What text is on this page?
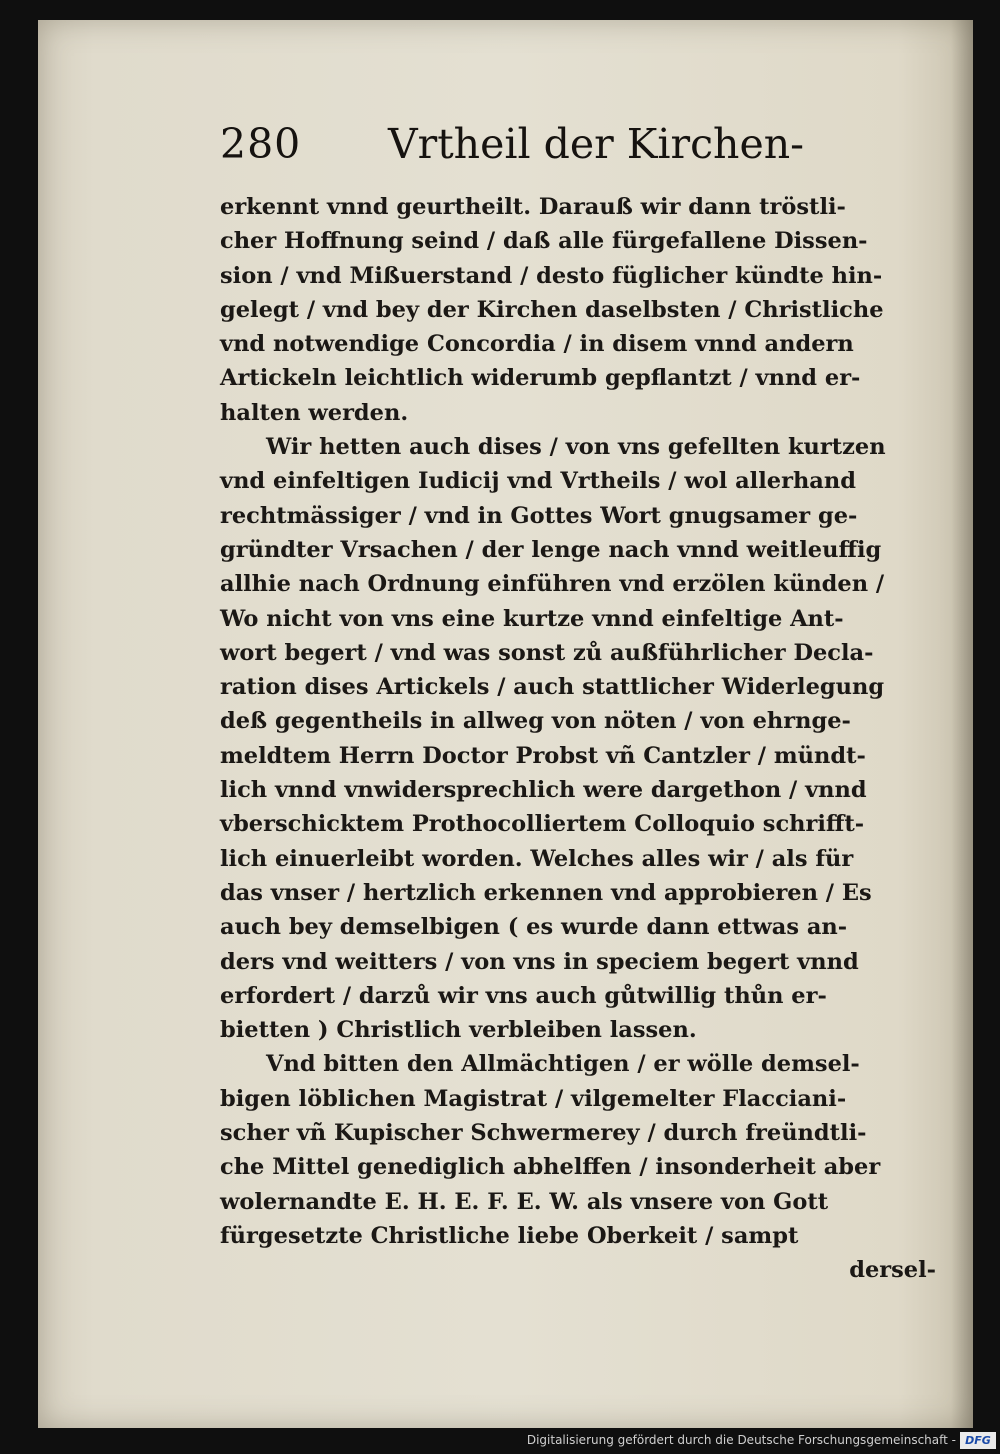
280 Vrtheil der Kirchen-
erkennt vnnd geurtheilt. Darauß wir dann tröstli-
cher Hoffnung seind / daß alle fürgefallene Dissen-
sion / vnd Mißuerstand / desto füglicher kündte hin-
gelegt / vnd bey der Kirchen daselbsten / Christliche
vnd notwendige Concordia / in disem vnnd andern
Artickeln leichtlich widerumb gepflantzt / vnnd er-
halten werden.
Wir hetten auch dises / von vns gefellten kurtzen
vnd einfeltigen Iudicij vnd Vrtheils / wol allerhand
rechtmässiger / vnd in Gottes Wort gnugsamer ge-
gründter Vrsachen / der lenge nach vnnd weitleuffig
allhie nach Ordnung einführen vnd erzölen künden /
Wo nicht von vns eine kurtze vnnd einfeltige Ant-
wort begert / vnd was sonst zů außführlicher Decla-
ration dises Artickels / auch stattlicher Widerlegung
deß gegentheils in allweg von nöten / von ehrnge-
meldtem Herrn Doctor Probst vñ Cantzler / mündt-
lich vnnd vnwidersprechlich were dargethon / vnnd
vberschicktem Prothocolliertem Colloquio schrifft-
lich einuerleibt worden. Welches alles wir / als für
das vnser / hertzlich erkennen vnd approbieren / Es
auch bey demselbigen ( es wurde dann ettwas an-
ders vnd weitters / von vns in speciem begert vnnd
erfordert / darzů wir vns auch gůtwillig thůn er-
bietten ) Christlich verbleiben lassen.
Vnd bitten den Allmächtigen / er wölle demsel-
bigen löblichen Magistrat / vilgemelter Flacciani-
scher vñ Kupischer Schwermerey / durch freündtli-
che Mittel genediglich abhelffen / insonderheit aber
wolernandte E. H. E. F. E. W. als vnsere von Gott
fürgesetzte Christliche liebe Oberkeit / sampt
dersel-
Digitalisierung gefördert durch die Deutsche Forschungsgemeinschaft - DFG
